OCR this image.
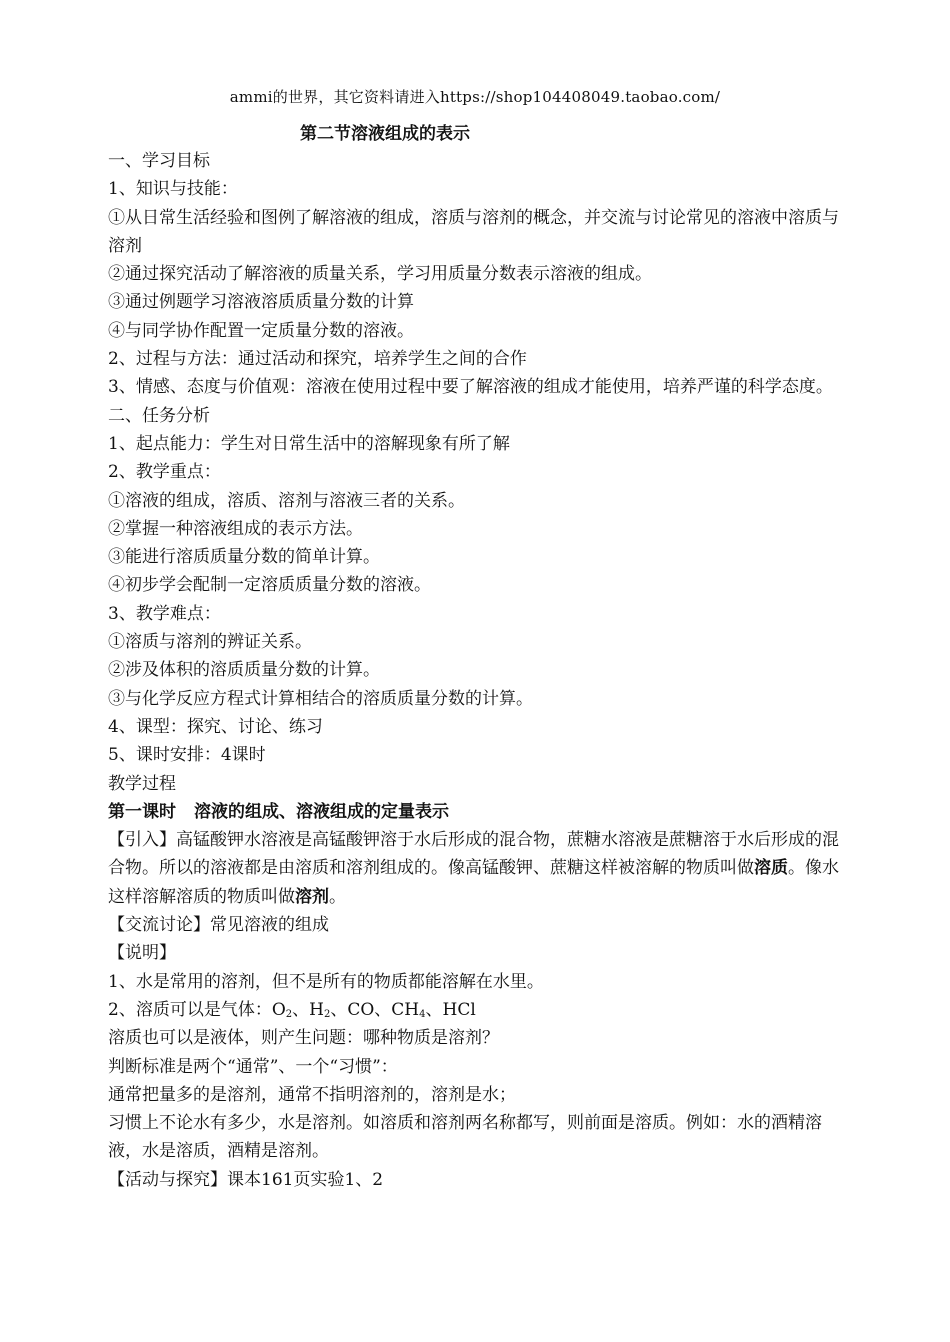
ammi的世界，其它资料请进入https://shop104408049.taobao.com/
第二节溶液组成的表示

一、学习目标

1、知识与技能：

①从日常生活经验和图例了解溶液的组成，溶质与溶剂的概念，并交流与讨论常见的溶液中溶质与溶剂

②通过探究活动了解溶液的质量关系，学习用质量分数表示溶液的组成。

③通过例题学习溶液溶质质量分数的计算

④与同学协作配置一定质量分数的溶液。

2、过程与方法：通过活动和探究，培养学生之间的合作

3、情感、态度与价值观：溶液在使用过程中要了解溶液的组成才能使用，培养严谨的科学态度。

二、任务分析

1、起点能力：学生对日常生活中的溶解现象有所了解

2、教学重点：

①溶液的组成，溶质、溶剂与溶液三者的关系。

②掌握一种溶液组成的表示方法。

③能进行溶质质量分数的简单计算。

④初步学会配制一定溶质质量分数的溶液。

3、教学难点：

①溶质与溶剂的辨证关系。

②涉及体积的溶质质量分数的计算。

③与化学反应方程式计算相结合的溶质质量分数的计算。

4、课型：探究、讨论、练习

5、课时安排：4课时

教学过程

第一课时 溶液的组成、溶液组成的定量表示

【引入】高锰酸钾水溶液是高锰酸钾溶于水后形成的混合物，蔗糖水溶液是蔗糖溶于水后形成的混合物。所以的溶液都是由溶质和溶剂组成的。像高锰酸钾、蔗糖这样被溶解的物质叫做溶质。像水这样溶解溶质的物质叫做溶剂。

【交流讨论】常见溶液的组成

【说明】

1、水是常用的溶剂，但不是所有的物质都能溶解在水里。

2、溶质可以是气体：$O_2$、$H_2$、CO、$CH_4$、HCl

溶质也可以是液体，则产生问题：哪种物质是溶剂？

判断标准是两个“通常”、一个“习惯”：

通常把量多的是溶剂，通常不指明溶剂的，溶剂是水；

习惯上不论水有多少，水是溶剂。如溶质和溶剂两名称都写，则前面是溶质。例如：水的酒精溶液，水是溶质，酒精是溶剂。

【活动与探究】课本161页实验1、2
